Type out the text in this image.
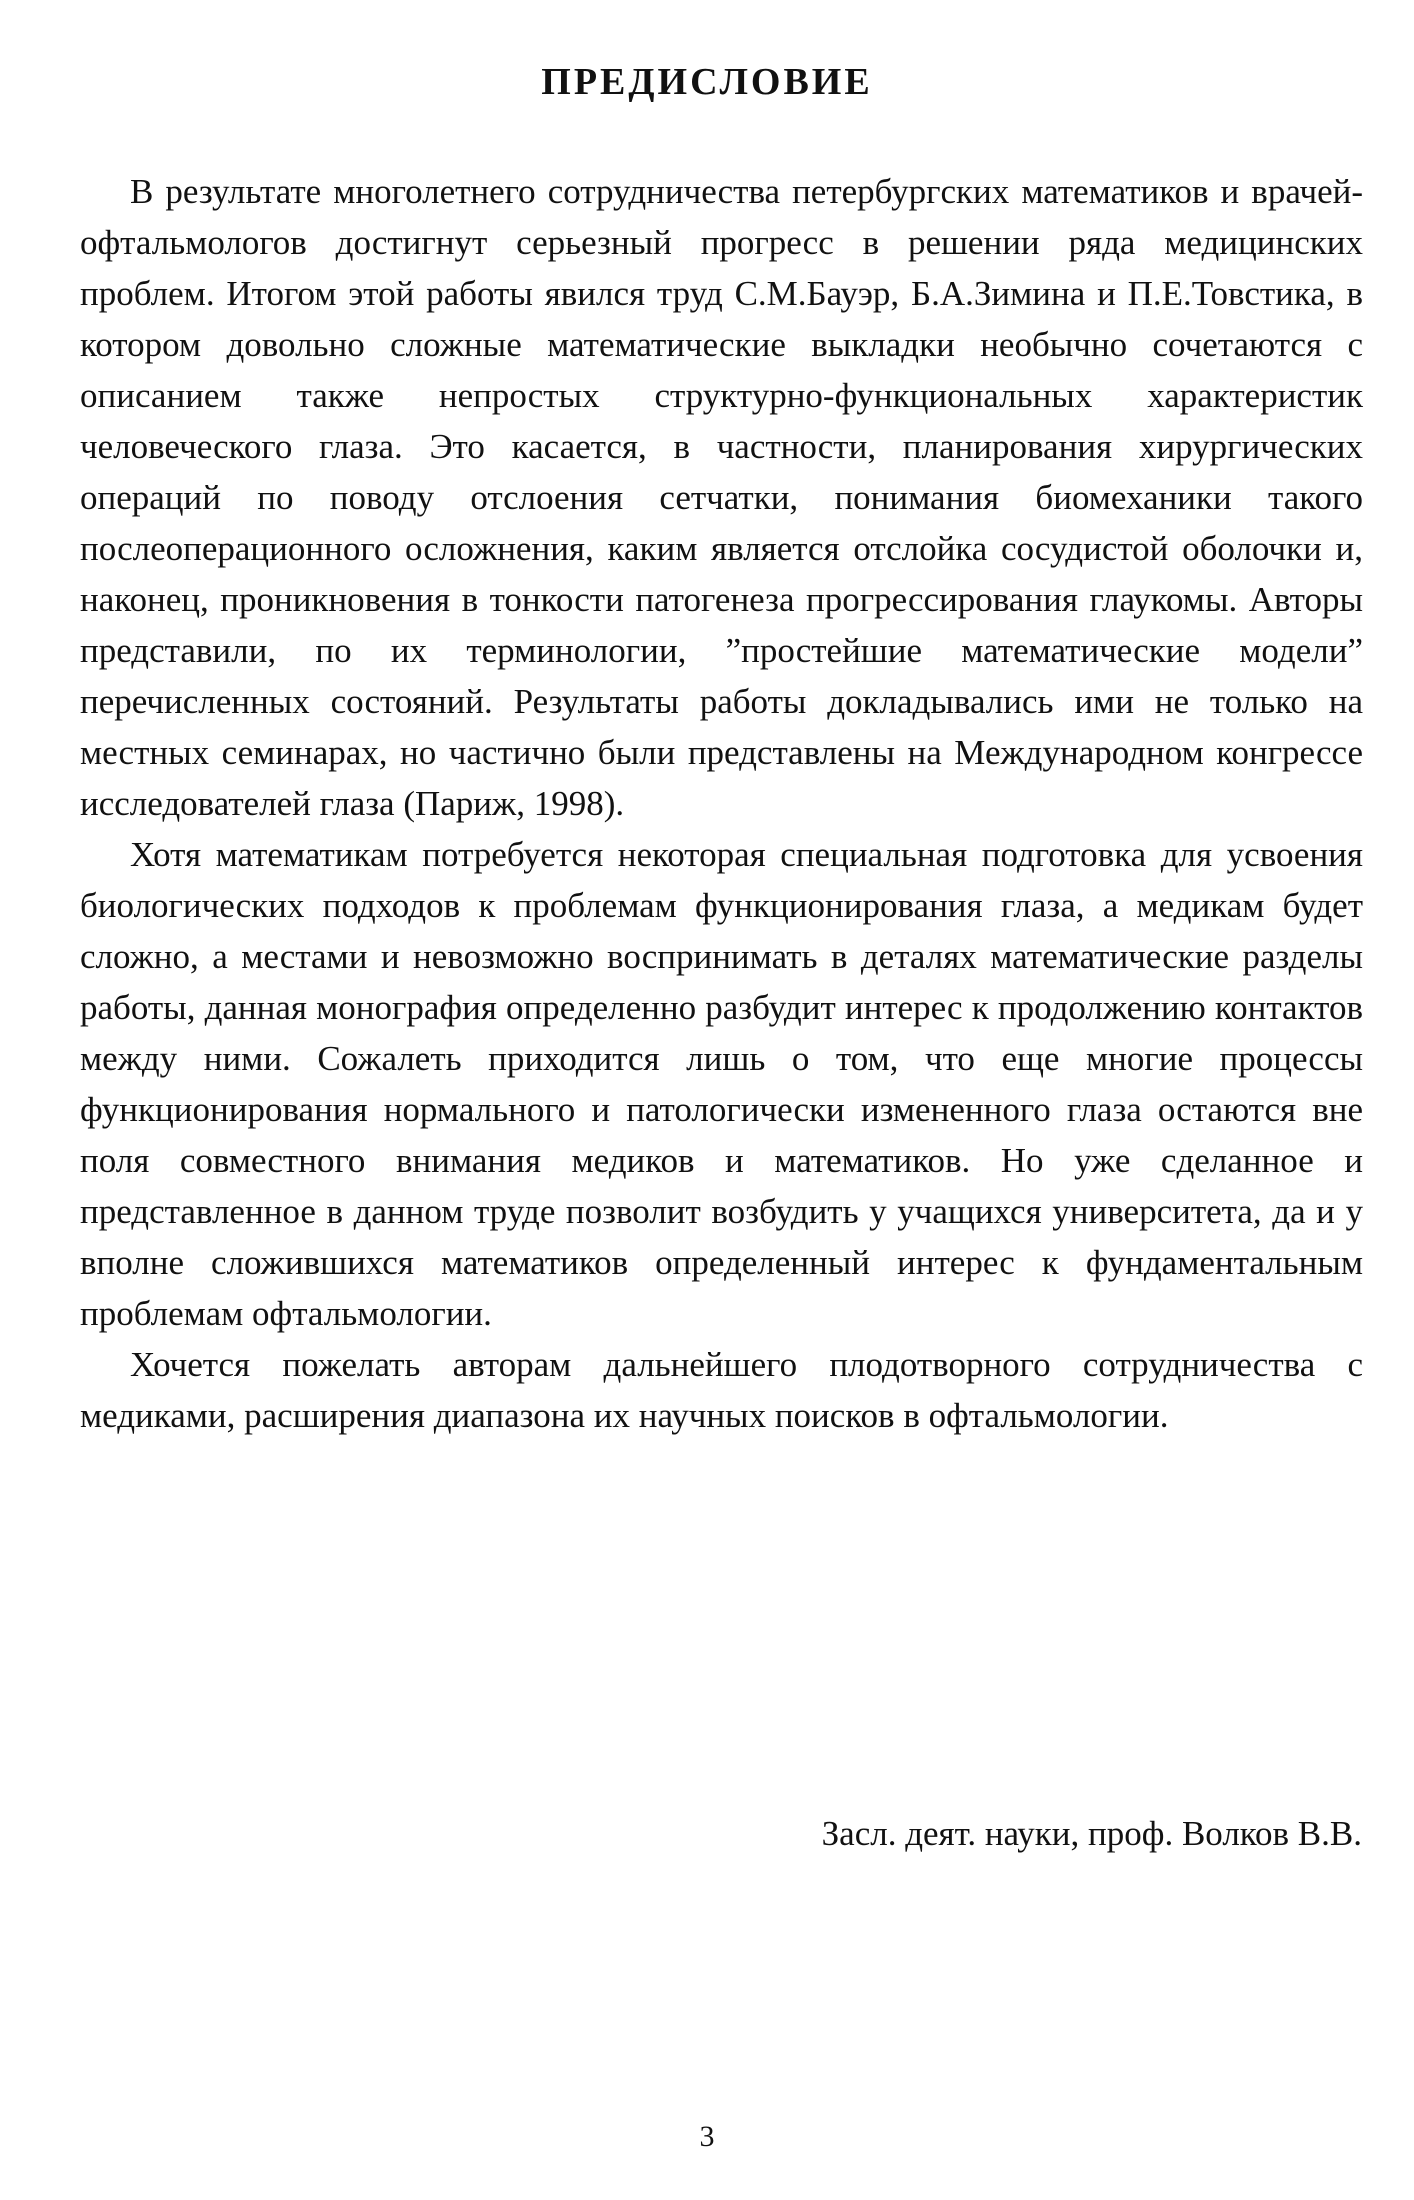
ПРЕДИСЛОВИЕ

В результате многолетнего сотрудничества петербургских математиков и врачей-офтальмологов достигнут серьезный прогресс в решении ряда медицинских проблем. Итогом этой работы явился труд С.М.Бауэр, Б.А.Зимина и П.Е.Товстика, в котором довольно сложные математические выкладки необычно сочетаются с описанием также непростых структурно-функциональных характеристик человеческого глаза. Это касается, в частности, планирования хирургических операций по поводу отслоения сетчатки, понимания биомеханики такого послеоперационного осложнения, каким является отслойка сосудистой оболочки и, наконец, проникновения в тонкости патогенеза прогрессирования глаукомы. Авторы представили, по их терминологии, ”простейшие математические модели” перечисленных состояний. Результаты работы докладывались ими не только на местных семинарах, но частично были представлены на Международном конгрессе исследователей глаза (Париж, 1998).

Хотя математикам потребуется некоторая специальная подготовка для усвоения биологических подходов к проблемам функционирования глаза, а медикам будет сложно, а местами и невозможно воспринимать в деталях математические разделы работы, данная монография определенно разбудит интерес к продолжению контактов между ними. Сожалеть приходится лишь о том, что еще многие процессы функционирования нормального и патологически измененного глаза остаются вне поля совместного внимания медиков и математиков. Но уже сделанное и представленное в данном труде позволит возбудить у учащихся университета, да и у вполне сложившихся математиков определенный интерес к фундаментальным проблемам офтальмологии.

Хочется пожелать авторам дальнейшего плодотворного сотрудничества с медиками, расширения диапазона их научных поисков в офтальмологии.

Засл. деят. науки, проф. Волков В.В.
3
